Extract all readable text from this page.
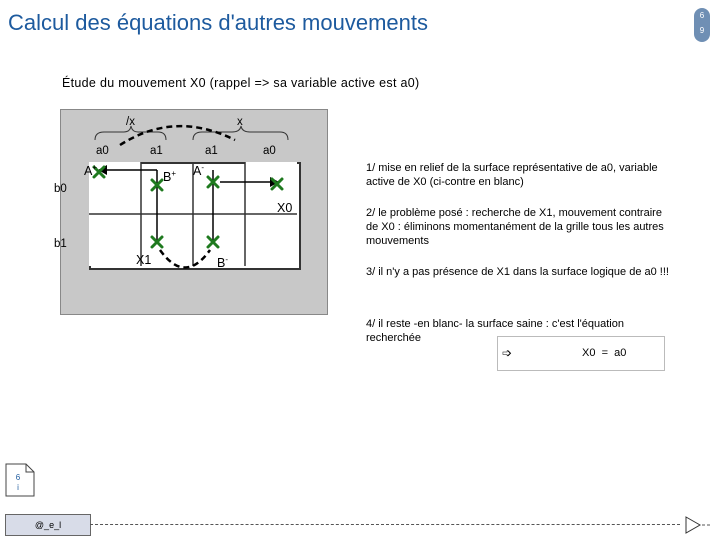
Calcul des équations d'autres mouvements	6
9
Étude du mouvement X0 (rappel => sa variable active est a0)
/x	x
a0	a1	a1	a0
b0
b1
A+
B+ A-
X0
X1	B-
1/ mise en relief de la surface représentative de a0, variable active de X0 (ci-contre en blanc)
2/ le problème posé : recherche de X1, mouvement contraire de X0 : éliminons momentanément de la grille tous les autres mouvements
3/ il n'y a pas présence de X1 dans la surface logique de a0 !!!
4/ il reste -en blanc- la surface saine : c'est l'équation recherchée
➩	X0  =  a0
6
i
@_e_l
